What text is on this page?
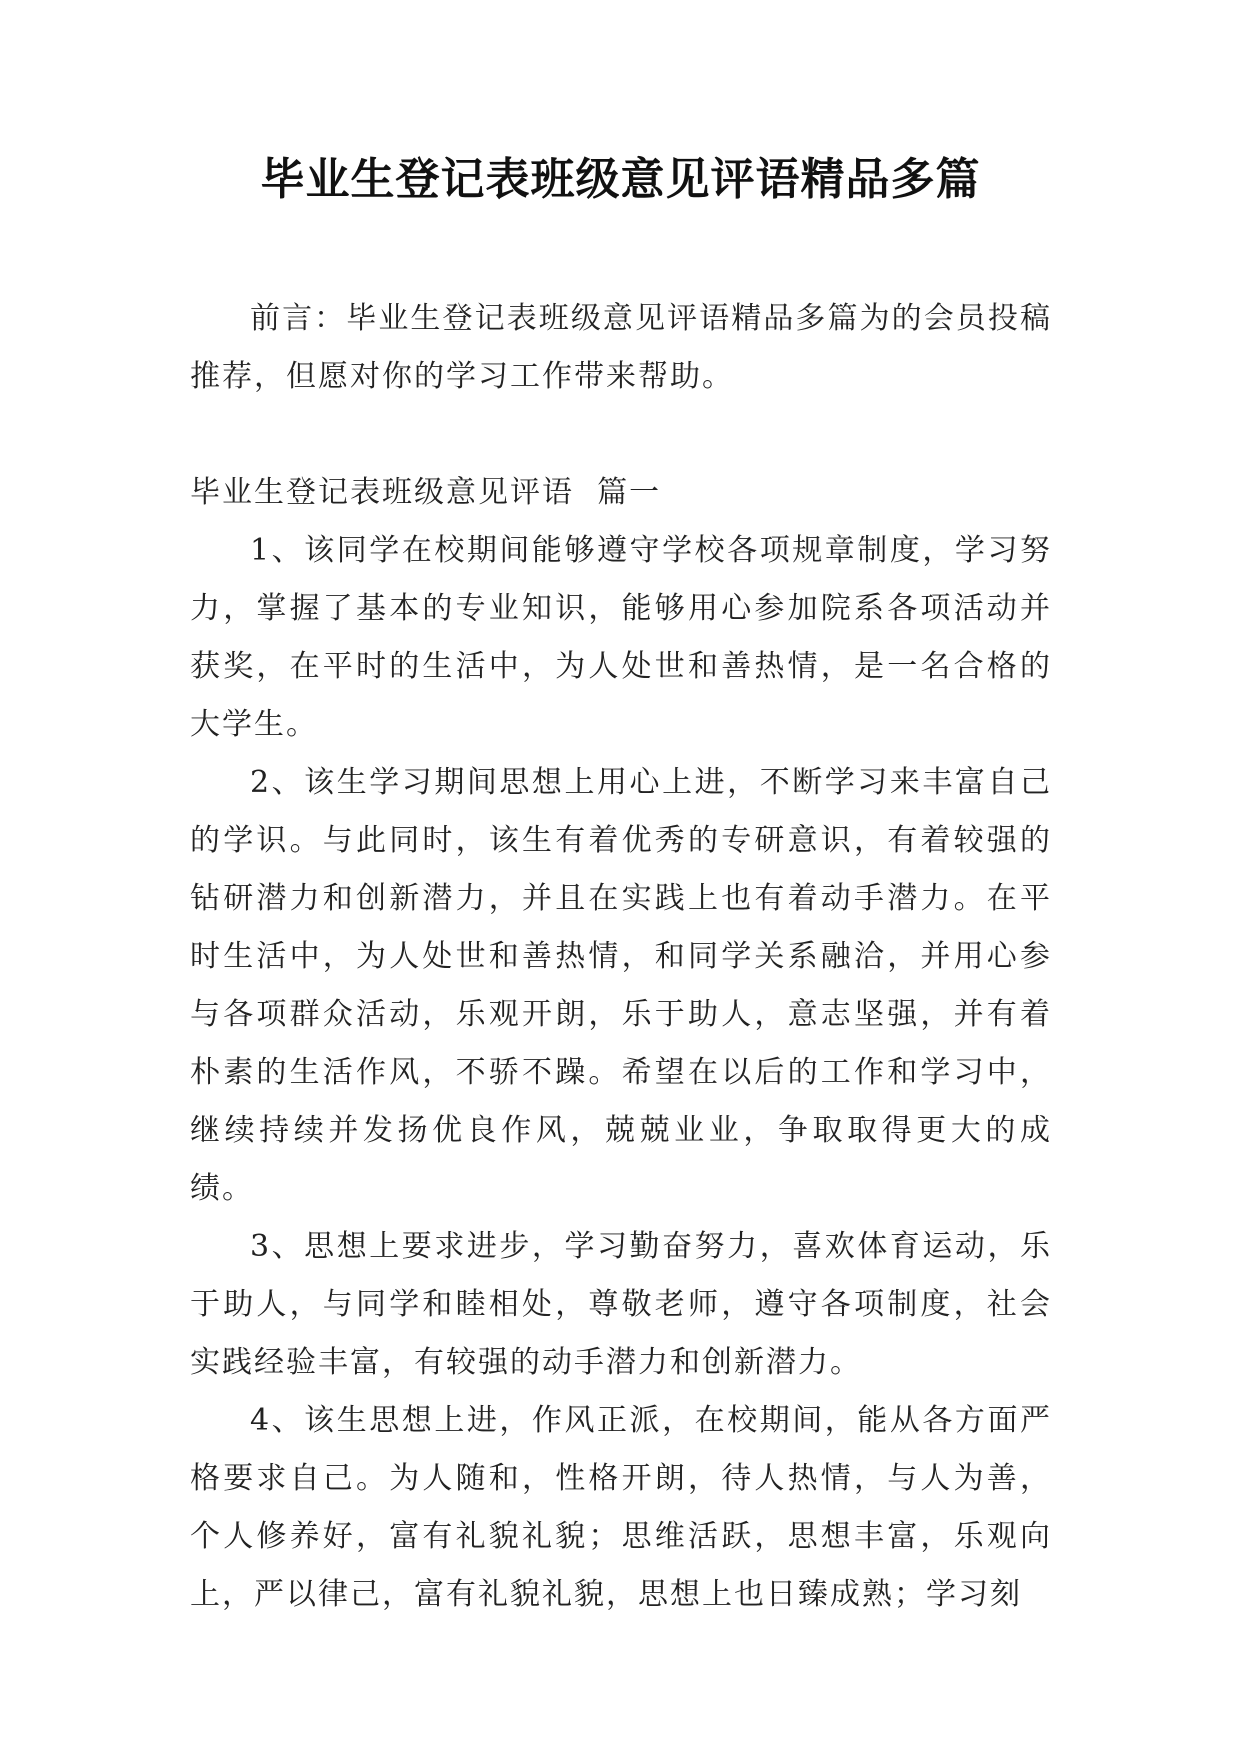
毕业生登记表班级意见评语精品多篇

前言：毕业生登记表班级意见评语精品多篇为的会员投稿推荐，但愿对你的学习工作带来帮助。

毕业生登记表班级意见评语  篇一

1、该同学在校期间能够遵守学校各项规章制度，学习努力，掌握了基本的专业知识，能够用心参加院系各项活动并获奖，在平时的生活中，为人处世和善热情，是一名合格的大学生。

2、该生学习期间思想上用心上进，不断学习来丰富自己的学识。与此同时，该生有着优秀的专研意识，有着较强的钻研潜力和创新潜力，并且在实践上也有着动手潜力。在平时生活中，为人处世和善热情，和同学关系融洽，并用心参与各项群众活动，乐观开朗，乐于助人，意志坚强，并有着朴素的生活作风，不骄不躁。希望在以后的工作和学习中，继续持续并发扬优良作风，兢兢业业，争取取得更大的成绩。

3、思想上要求进步，学习勤奋努力，喜欢体育运动，乐于助人，与同学和睦相处，尊敬老师，遵守各项制度，社会实践经验丰富，有较强的动手潜力和创新潜力。

4、该生思想上进，作风正派，在校期间，能从各方面严格要求自己。为人随和，性格开朗，待人热情，与人为善，个人修养好，富有礼貌礼貌；思维活跃，思想丰富，乐观向上，严以律己，富有礼貌礼貌，思想上也日臻成熟；学习刻
